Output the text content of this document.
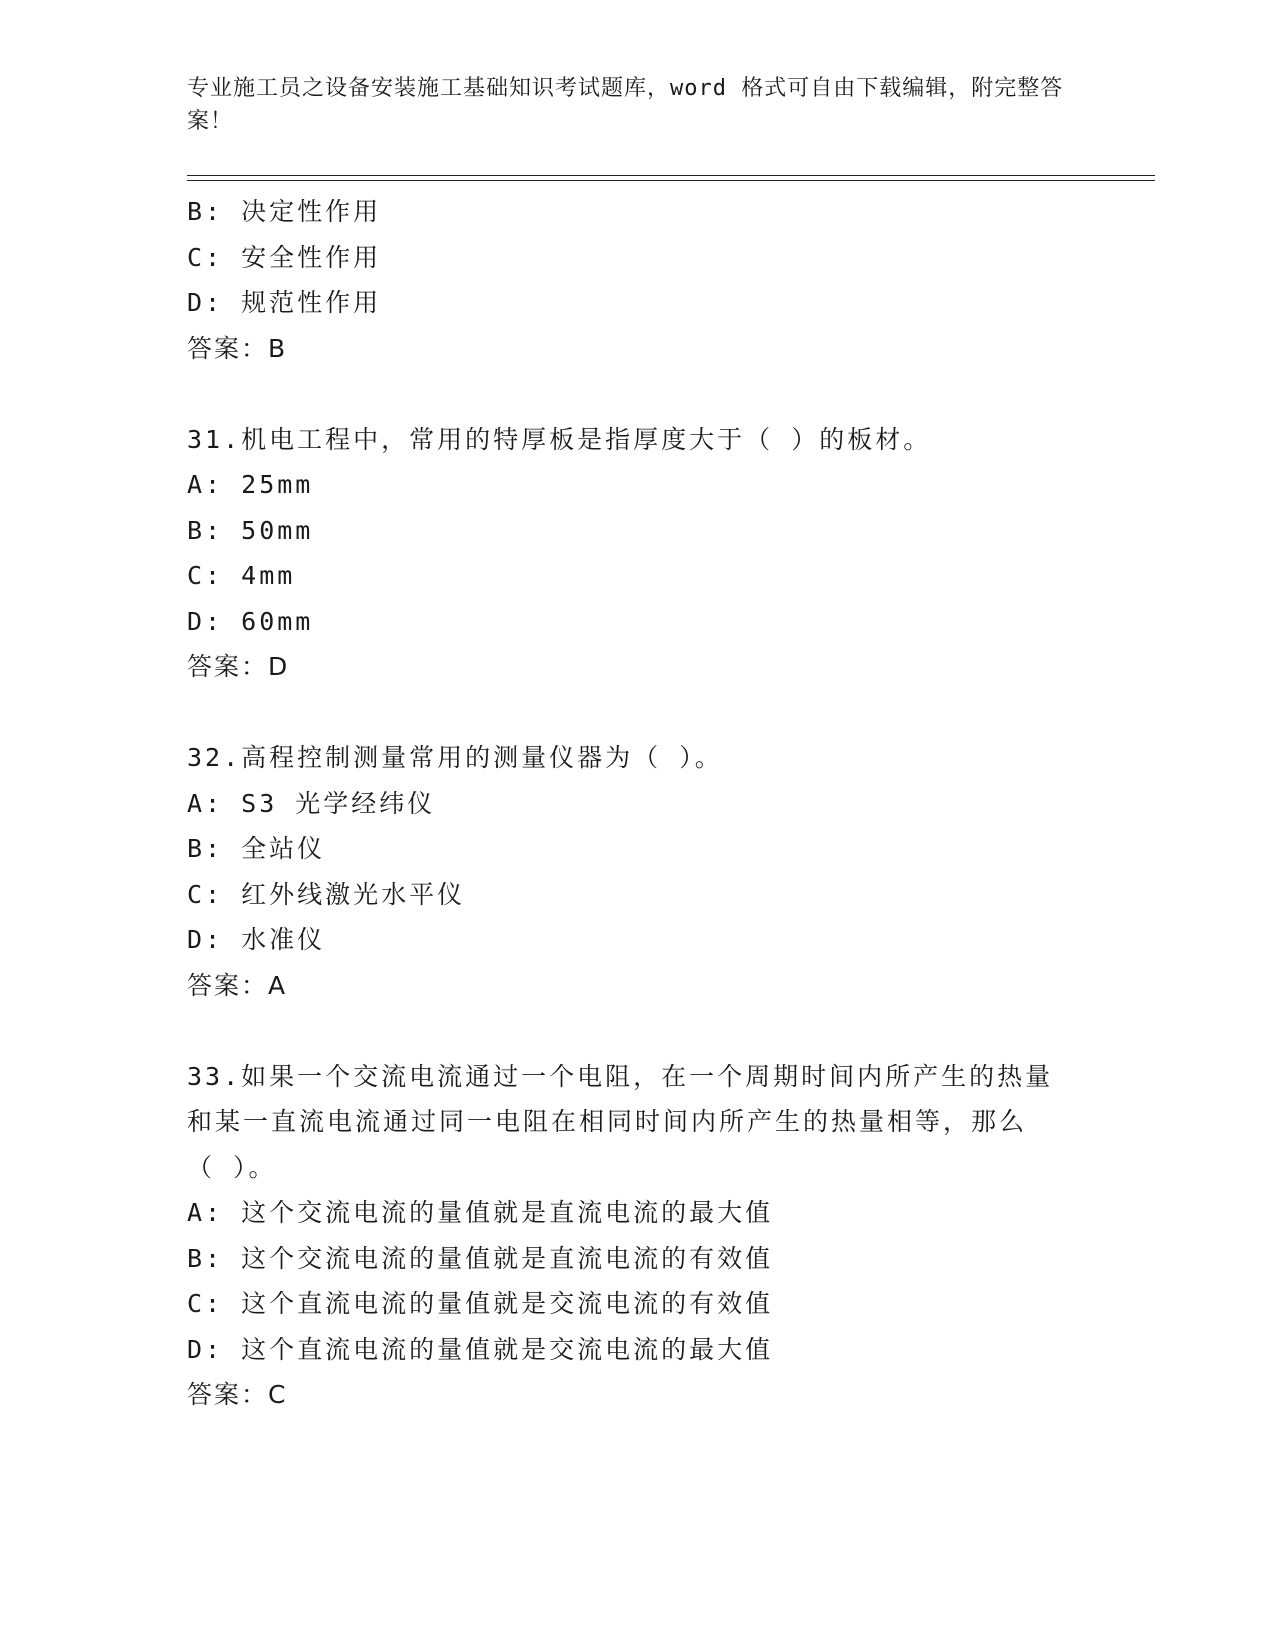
专业施工员之设备安装施工基础知识考试题库，word 格式可自由下载编辑，附完整答案！
B: 决定性作用
C: 安全性作用
D: 规范性作用
答案：B
31.机电工程中，常用的特厚板是指厚度大于（ ）的板材。
A: 25mm
B: 50mm
C: 4mm
D: 60mm
答案：D
32.高程控制测量常用的测量仪器为（ ）。
A: S3 光学经纬仪
B: 全站仪
C: 红外线激光水平仪
D: 水准仪
答案：A
33.如果一个交流电流通过一个电阻，在一个周期时间内所产生的热量
和某一直流电流通过同一电阻在相同时间内所产生的热量相等，那么
（ ）。
A: 这个交流电流的量值就是直流电流的最大值
B: 这个交流电流的量值就是直流电流的有效值
C: 这个直流电流的量值就是交流电流的有效值
D: 这个直流电流的量值就是交流电流的最大值
答案：C
